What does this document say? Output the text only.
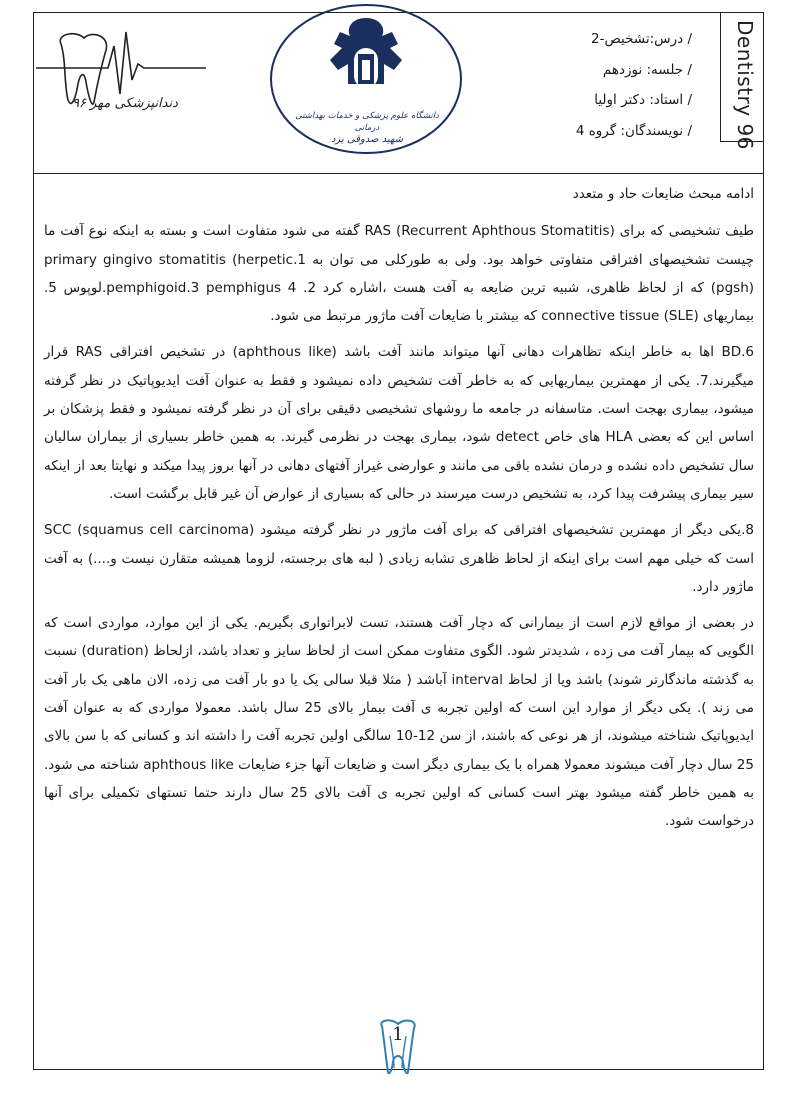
دندانپزشکی مهر ۹۶
دانشگاه علوم پزشکی و خدمات بهداشتی درمانی
شهید صدوقی یزد
/ درس:تشخیص-2
/ جلسه: نوزدهم
/ استاد: دکتر اولیا
/ نویسندگان: گروه 4	Dentistry 96
ادامه مبحث ضایعات حاد و متعدد

طیف تشخیصی که برای RAS (Recurrent Aphthous Stomatitis) گفته می شود متفاوت است و بسته به اینکه نوع آفت ما چیست تشخیصهای افتراقی متفاوتی خواهد بود. ولی به طورکلی می توان به 1.primary gingivo stomatitis (herpetic (pgsh) که از لحاظ ظاهری، شبیه ترین ضایعه به آفت هست ،اشاره کرد 2. pemphigoid.3 pemphigus 4.لوپوس 5. بیماریهای (SLE) connective tissue که بیشتر با ضایعات آفت ماژور مرتبط می شود.

6.BD اها به خاطر اینکه تظاهرات دهانی آنها میتواند مانند آفت باشد (aphthous like) در تشخیص افتراقی RAS قرار میگیرند.7. یکی از مهمترین بیماریهایی که به خاطر آفت تشخیص داده نمیشود و فقط به عنوان آفت ایدیوپاتیک در نظر گرفته میشود، بیماری بهجت است. متاسفانه در جامعه ما روشهای تشخیصی دقیقی برای آن در نظر گرفته نمیشود و فقط پزشکان بر اساس این که بعضی HLA های خاص detect شود، بیماری بهجت در نظرمی گیرند. به همین خاطر بسیاری از بیماران سالیان سال تشخیص داده نشده و درمان نشده باقی می مانند و عوارضی غیراز آفتهای دهانی در آنها بروز پیدا میکند و نهایتا بعد از اینکه سیر بیماری پیشرفت پیدا کرد، به تشخیص درست میرسند در حالی که بسیاری از عوارض آن غیر قابل برگشت است.

8.یکی دیگر از مهمترین تشخیصهای افتراقی که برای آفت ماژور در نظر گرفته میشود SCC (squamus cell carcinoma) است که خیلی مهم است برای اینکه از لحاظ ظاهری تشابه زیادی ( لبه های برجسته، لزوما همیشه متقارن نیست و....) به آفت ماژور دارد.

در بعضی از مواقع لازم است از بیمارانی که دچار آفت هستند، تست لابراتواری بگیریم. یکی از این موارد، مواردی است که الگویی که بیمار آفت می زده ، شدیدتر شود. الگوی متفاوت ممکن است از لحاظ سایز و تعداد باشد، ازلحاظ (duration) نسبت به گذشته ماندگارتر شوند) باشد ویا از لحاظ interval آباشد ( مثلا قبلا سالی یک یا دو بار آفت می زده، الان ماهی یک بار آفت می زند ). یکی دیگر از موارد این است که اولین تجربه ی آفت بیمار بالای 25 سال باشد. معمولا مواردی که به عنوان آفت ایدیوپاتیک شناخته میشوند، از هر نوعی که باشند، از سن 12-10 سالگی اولین تجربه آفت را داشته اند و کسانی که با سن بالای 25 سال دچار آفت میشوند معمولا همراه با یک بیماری دیگر است و ضایعات آنها جزء ضایعات aphthous like شناخته می شود. به همین خاطر گفته میشود بهتر است کسانی که اولین تجربه ی آفت بالای 25 سال دارند حتما تستهای تکمیلی برای آنها درخواست شود.

1
